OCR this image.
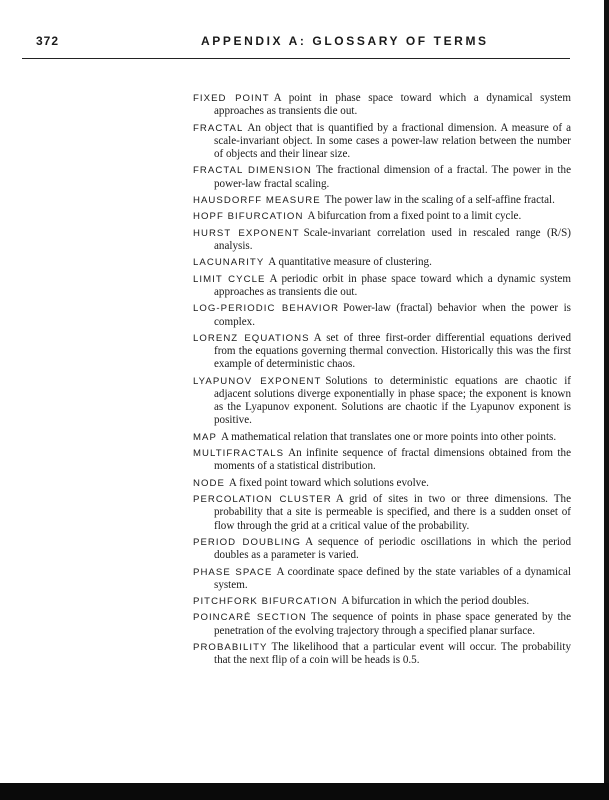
372	APPENDIX A: GLOSSARY OF TERMS

FIXED POINT A point in phase space toward which a dynamical system approaches as transients die out.

FRACTAL An object that is quantified by a fractional dimension. A measure of a scale-invariant object. In some cases a power-law relation between the number of objects and their linear size.

FRACTAL DIMENSION The fractional dimension of a fractal. The power in the power-law fractal scaling.

HAUSDORFF MEASURE The power law in the scaling of a self-affine fractal.

HOPF BIFURCATION A bifurcation from a fixed point to a limit cycle.

HURST EXPONENT Scale-invariant correlation used in rescaled range (R/S) analysis.

LACUNARITY A quantitative measure of clustering.

LIMIT CYCLE A periodic orbit in phase space toward which a dynamic system approaches as transients die out.

LOG-PERIODIC BEHAVIOR Power-law (fractal) behavior when the power is complex.

LORENZ EQUATIONS A set of three first-order differential equations derived from the equations governing thermal convection. Historically this was the first example of deterministic chaos.

LYAPUNOV EXPONENT Solutions to deterministic equations are chaotic if adjacent solutions diverge exponentially in phase space; the exponent is known as the Lyapunov exponent. Solutions are chaotic if the Lyapunov exponent is positive.

MAP A mathematical relation that translates one or more points into other points.

MULTIFRACTALS An infinite sequence of fractal dimensions obtained from the moments of a statistical distribution.

NODE A fixed point toward which solutions evolve.

PERCOLATION CLUSTER A grid of sites in two or three dimensions. The probability that a site is permeable is specified, and there is a sudden onset of flow through the grid at a critical value of the probability.

PERIOD DOUBLING A sequence of periodic oscillations in which the period doubles as a parameter is varied.

PHASE SPACE A coordinate space defined by the state variables of a dynamical system.

PITCHFORK BIFURCATION A bifurcation in which the period doubles.

POINCARÉ SECTION The sequence of points in phase space generated by the penetration of the evolving trajectory through a specified planar surface.

PROBABILITY The likelihood that a particular event will occur. The probability that the next flip of a coin will be heads is 0.5.
